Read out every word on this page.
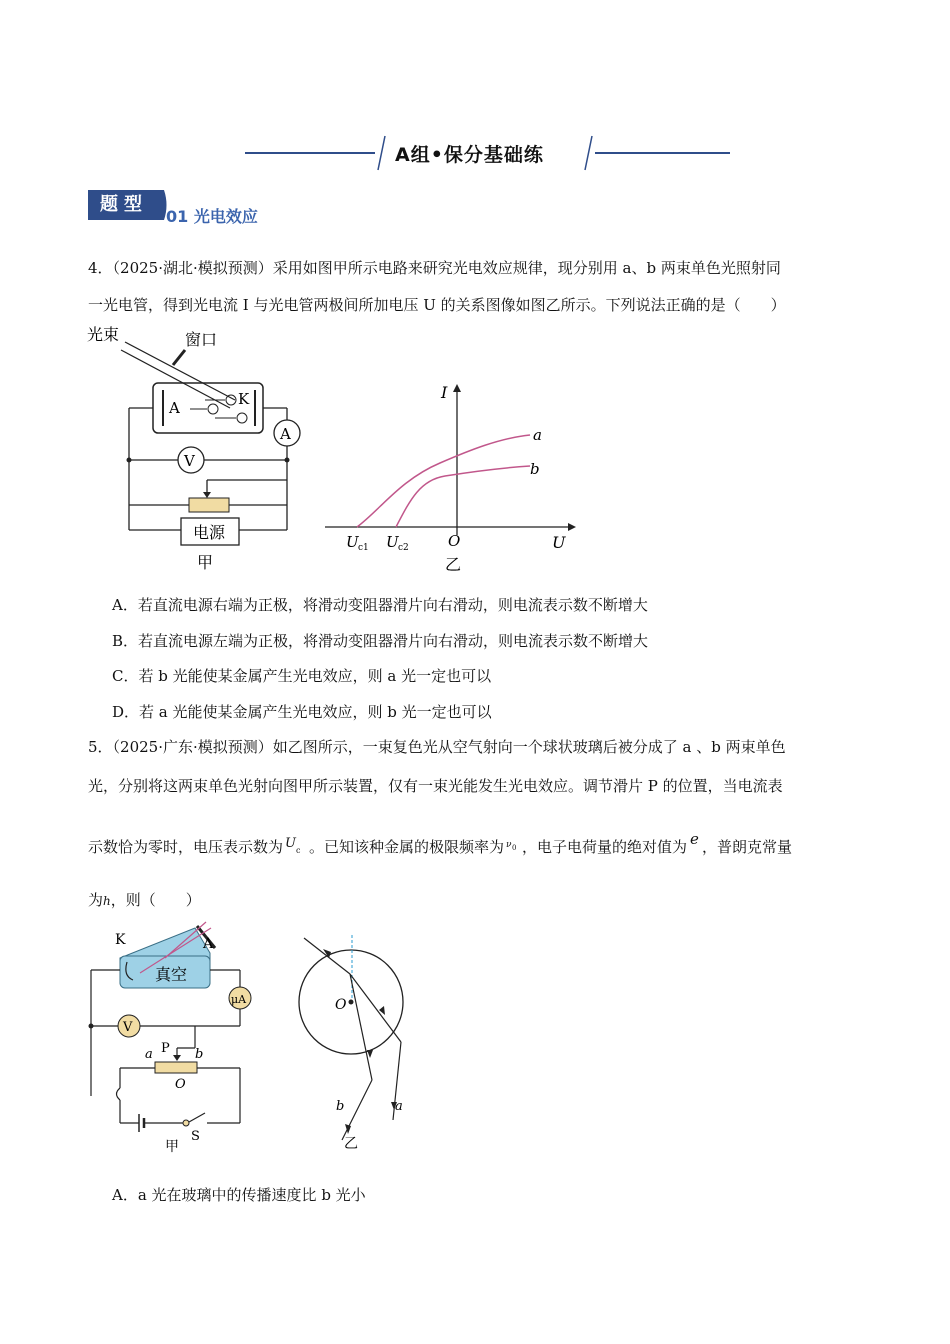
A组•保分基础练
题型
01 光电效应
4．（2025·湖北·模拟预测）采用如图甲所示电路来研究光电效应规律，现分别用 a、b 两束单色光照射同
一光电管，得到光电流 I 与光电管两极间所加电压 U 的关系图像如图乙所示。下列说法正确的是（　　）
光束	窗口
A	K
A
V
电源
甲
I
U
O
a
b
U c1 U c2
乙
A．若直流电源右端为正极，将滑动变阻器滑片向右滑动，则电流表示数不断增大
B．若直流电源左端为正极，将滑动变阻器滑片向右滑动，则电流表示数不断增大
C．若 b 光能使某金属产生光电效应，则 a 光一定也可以
D．若 a 光能使某金属产生光电效应，则 b 光一定也可以
5．（2025·广东·模拟预测）如乙图所示，一束复色光从空气射向一个球状玻璃后被分成了 a 、b 两束单色
光，分别将这两束单色光射向图甲所示装置，仅有一束光能发生光电效应。调节滑片 P 的位置，当电流表
示数恰为零时，电压表示数为 U c 。已知该种金属的极限频率为 ν 0 ，电子电荷量的绝对值为 e ，普朗克常量
为h，则（　　）
K	A
真空
μA
V
P
a	b
O
S
甲
O
b	a
乙
A．a 光在玻璃中的传播速度比 b 光小
